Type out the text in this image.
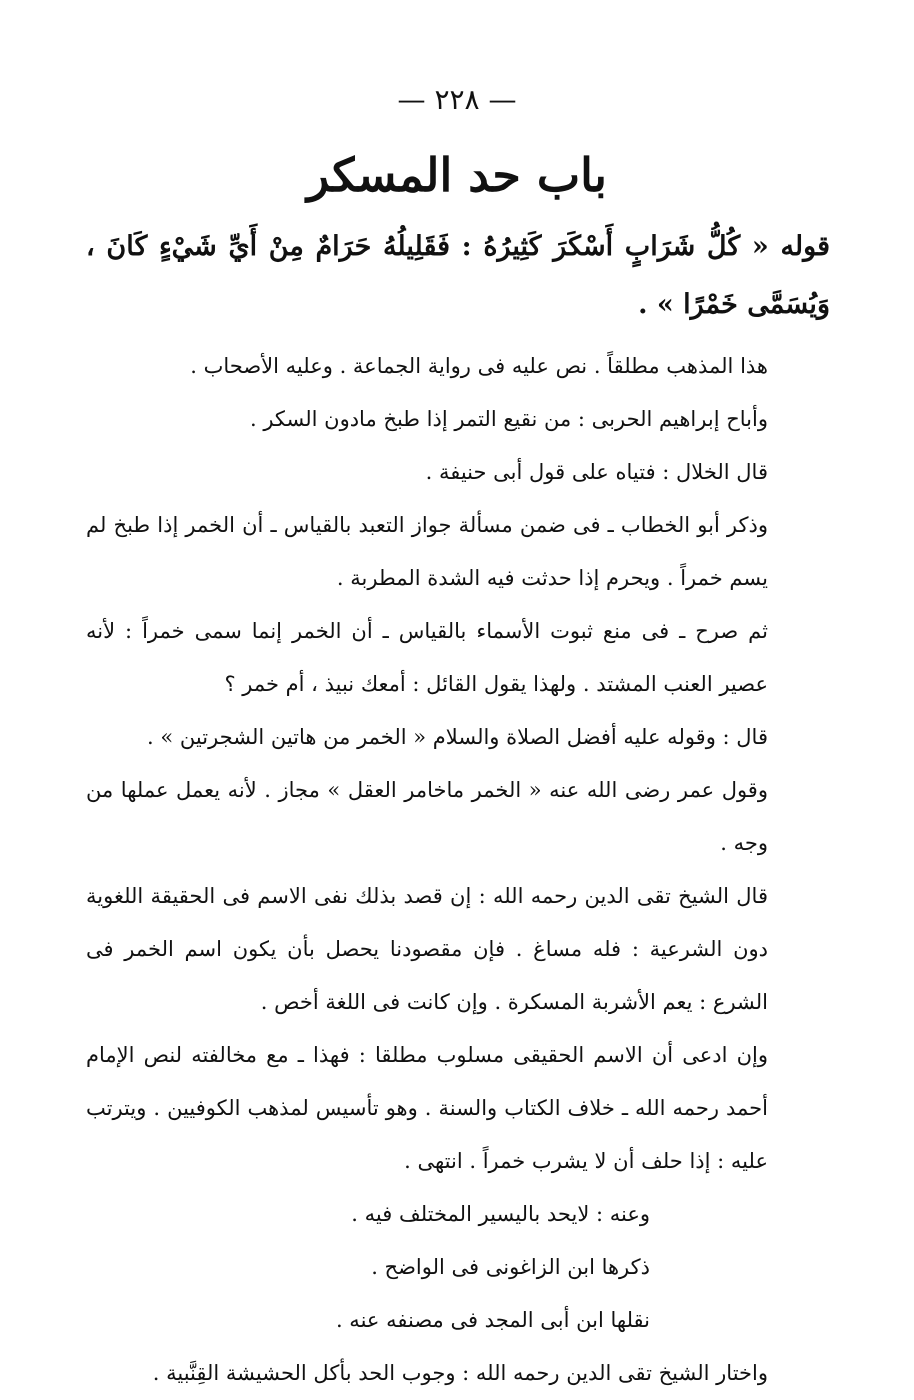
— ٢٢٨ —
باب حد المسكر

قوله « كُلُّ شَرَابٍ أَسْكَرَ كَثِيرُهُ : فَقَلِيلُهُ حَرَامٌ مِنْ أَيِّ شَيْءٍ كَانَ ، وَيُسَمَّى خَمْرًا » .

هذا المذهب مطلقاً . نص عليه فى رواية الجماعة . وعليه الأصحاب .

وأباح إبراهيم الحربى : من نقيع التمر إذا طبخ مادون السكر .

قال الخلال : فتياه على قول أبى حنيفة .

وذكر أبو الخطاب ـ فى ضمن مسألة جواز التعبد بالقياس ـ أن الخمر إذا طبخ لم يسم خمراً . ويحرم إذا حدثت فيه الشدة المطربة .

ثم صرح ـ فى منع ثبوت الأسماء بالقياس ـ أن الخمر إنما سمى خمراً : لأنه عصير العنب المشتد . ولهذا يقول القائل : أمعك نبيذ ، أم خمر ؟

قال : وقوله عليه أفضل الصلاة والسلام « الخمر من هاتين الشجرتين » .

وقول عمر رضى الله عنه « الخمر ماخامر العقل » مجاز . لأنه يعمل عملها من وجه .

قال الشيخ تقى الدين رحمه الله : إن قصد بذلك نفى الاسم فى الحقيقة اللغوية دون الشرعية : فله مساغ . فإن مقصودنا يحصل بأن يكون اسم الخمر فى الشرع : يعم الأشربة المسكرة . وإن كانت فى اللغة أخص .

وإن ادعى أن الاسم الحقيقى مسلوب مطلقا : فهذا ـ مع مخالفته لنص الإمام أحمد رحمه الله ـ خلاف الكتاب والسنة . وهو تأسيس لمذهب الكوفيين . ويترتب عليه : إذا حلف أن لا يشرب خمراً . انتهى .

وعنه : لايحد باليسير المختلف فيه .

ذكرها ابن الزاغونى فى الواضح .

نقلها ابن أبى المجد فى مصنفه عنه .

واختار الشيخ تقى الدين رحمه الله : وجوب الحد بأكل الحشيشة القِنَّبية .
